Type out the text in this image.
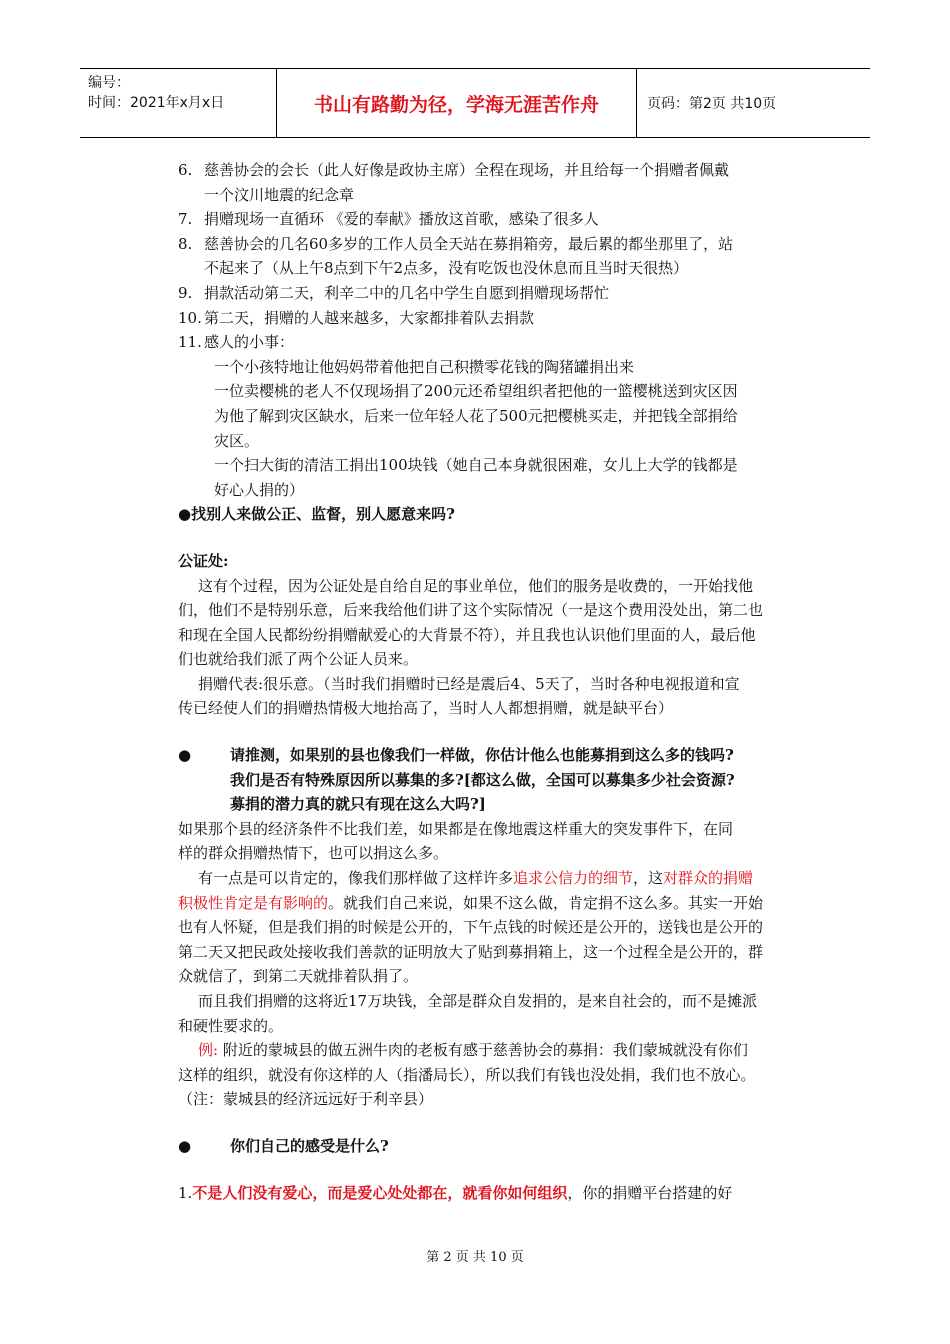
编号：
时间：2021年x月x日	书山有路勤为径，学海无涯苦作舟	页码：第2页 共10页
6. 慈善协会的会长（此人好像是政协主席）全程在现场，并且给每一个捐赠者佩戴
一个汶川地震的纪念章
7. 捐赠现场一直循环 《爱的奉献》播放这首歌，感染了很多人
8. 慈善协会的几名60多岁的工作人员全天站在募捐箱旁，最后累的都坐那里了，站
不起来了（从上午8点到下午2点多，没有吃饭也没休息而且当时天很热）
9. 捐款活动第二天，利辛二中的几名中学生自愿到捐赠现场帮忙
10. 第二天，捐赠的人越来越多，大家都排着队去捐款
11. 感人的小事：
一个小孩特地让他妈妈带着他把自己积攒零花钱的陶猪罐捐出来
一位卖樱桃的老人不仅现场捐了200元还希望组织者把他的一篮樱桃送到灾区因
为他了解到灾区缺水，后来一位年轻人花了500元把樱桃买走，并把钱全部捐给
灾区。
一个扫大街的清洁工捐出100块钱（她自己本身就很困难，女儿上大学的钱都是
好心人捐的）
●找别人来做公正、监督，别人愿意来吗?
公证处:
这有个过程，因为公证处是自给自足的事业单位，他们的服务是收费的，一开始找他
们，他们不是特别乐意，后来我给他们讲了这个实际情况（一是这个费用没处出，第二也
和现在全国人民都纷纷捐赠献爱心的大背景不符），并且我也认识他们里面的人，最后他
们也就给我们派了两个公证人员来。
捐赠代表:很乐意。（当时我们捐赠时已经是震后4、5天了，当时各种电视报道和宣
传已经使人们的捐赠热情极大地抬高了，当时人人都想捐赠，就是缺平台）
●	请推测，如果别的县也像我们一样做，你估计他么也能募捐到这么多的钱吗?
我们是否有特殊原因所以募集的多?[都这么做，全国可以募集多少社会资源?
募捐的潜力真的就只有现在这么大吗?]
如果那个县的经济条件不比我们差，如果都是在像地震这样重大的突发事件下，在同
样的群众捐赠热情下，也可以捐这么多。
有一点是可以肯定的，像我们那样做了这样许多追求公信力的细节，这对群众的捐赠
积极性肯定是有影响的。就我们自己来说，如果不这么做，肯定捐不这么多。其实一开始
也有人怀疑，但是我们捐的时候是公开的，下午点钱的时候还是公开的，送钱也是公开的
第二天又把民政处接收我们善款的证明放大了贴到募捐箱上，这一个过程全是公开的，群
众就信了，到第二天就排着队捐了。
而且我们捐赠的这将近17万块钱，全部是群众自发捐的，是来自社会的，而不是摊派
和硬性要求的。
例: 附近的蒙城县的做五洲牛肉的老板有感于慈善协会的募捐：我们蒙城就没有你们
这样的组织，就没有你这样的人（指潘局长），所以我们有钱也没处捐，我们也不放心。
（注：蒙城县的经济远远好于利辛县）
●	你们自己的感受是什么?
1.不是人们没有爱心，而是爱心处处都在，就看你如何组织，你的捐赠平台搭建的好
第 2 页 共 10 页
